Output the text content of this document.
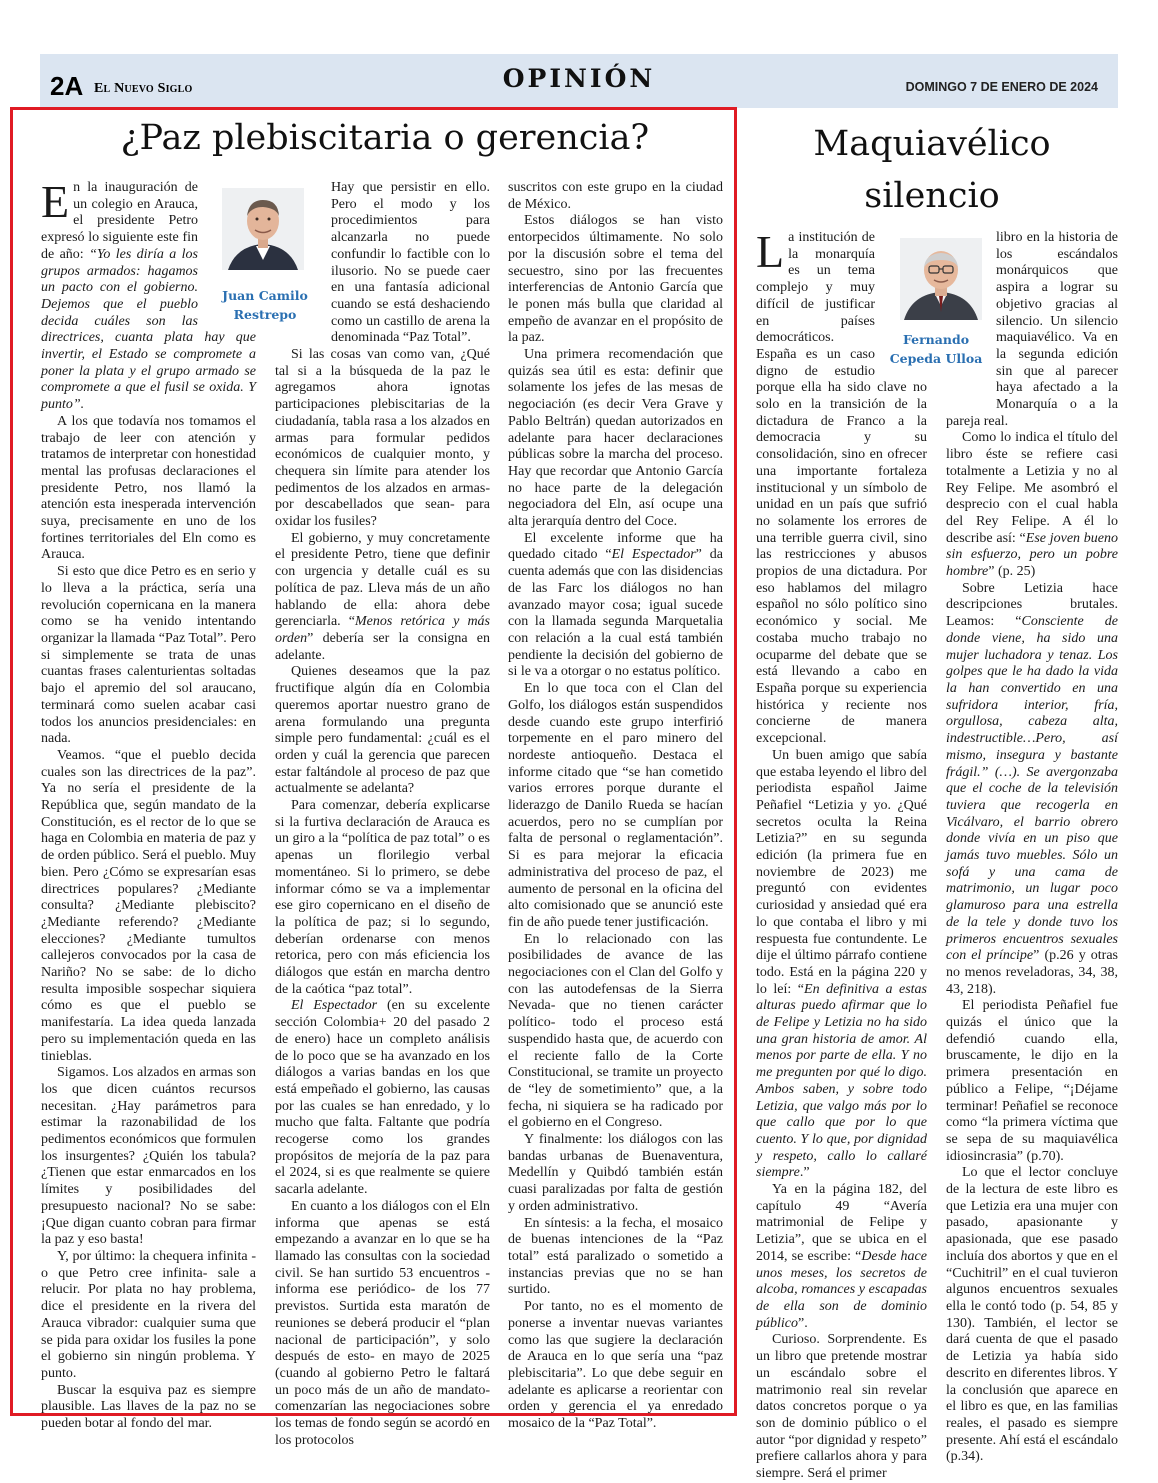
2A El Nuevo Siglo	OPINIÓN	DOMINGO 7 DE ENERO DE 2024
¿Paz plebiscitaria o gerencia?
Juan Camilo
Restrepo

En la inauguración de un colegio en Arauca, el presidente Petro expresó lo siguiente este fin de año: “Yo les diría a los grupos armados: hagamos un pacto con el gobierno. Dejemos que el pueblo decida cuáles son las directrices, cuanta plata hay que invertir, el Estado se compromete a poner la plata y el grupo armado se compromete a que el fusil se oxida. Y punto”.

A los que todavía nos tomamos el trabajo de leer con atención y tratamos de interpretar con honestidad mental las profusas declaraciones el presidente Petro, nos llamó la atención esta inesperada intervención suya, precisamente en uno de los fortines territoriales del Eln como es Arauca.

Si esto que dice Petro es en serio y lo lleva a la práctica, sería una revolución copernicana en la manera como se ha venido intentando organizar la llamada “Paz Total”. Pero si simplemente se trata de unas cuantas frases calenturientas soltadas bajo el apremio del sol araucano, terminará como suelen acabar casi todos los anuncios presidenciales: en nada.

Veamos. “que el pueblo decida cuales son las directrices de la paz”. Ya no sería el presidente de la República que, según mandato de la Constitución, es el rector de lo que se haga en Colombia en materia de paz y de orden público. Será el pueblo. Muy bien. Pero ¿Cómo se expresarían esas directrices populares? ¿Mediante consulta? ¿Mediante plebiscito? ¿Mediante referendo? ¿Mediante elecciones? ¿Mediante tumultos callejeros convocados por la casa de Nariño? No se sabe: de lo dicho resulta imposible sospechar siquiera cómo es que el pueblo se manifestaría. La idea queda lanzada pero su implementación queda en las tinieblas.

Sigamos. Los alzados en armas son los que dicen cuántos recursos necesitan. ¿Hay parámetros para estimar la razonabilidad de los pedimentos económicos que formulen los insurgentes? ¿Quién los tabula? ¿Tienen que estar enmarcados en los límites y posibilidades del presupuesto nacional? No se sabe: ¡Que digan cuanto cobran para firmar la paz y eso basta!

Y, por último: la chequera infinita -o que Petro cree infinita- sale a relucir. Por plata no hay problema, dice el presidente en la rivera del Arauca vibrador: cualquier suma que se pida para oxidar los fusiles la pone el gobierno sin ningún problema. Y punto.

Buscar la esquiva paz es siempre plausible. Las llaves de la paz no se pueden botar al fondo del mar.

Hay que persistir en ello. Pero el modo y los procedimientos para alcanzarla no puede confundir lo factible con lo ilusorio. No se puede caer en una fantasía adicional cuando se está deshaciendo como un castillo de arena la denominada “Paz Total”.

Si las cosas van como van, ¿Qué tal si a la búsqueda de la paz le agregamos ahora ignotas participaciones plebiscitarias de la ciudadanía, tabla rasa a los alzados en armas para formular pedidos económicos de cualquier monto, y chequera sin límite para atender los pedimentos de los alzados en armas- por descabellados que sean- para oxidar los fusiles?

El gobierno, y muy concretamente el presidente Petro, tiene que definir con urgencia y detalle cuál es su política de paz. Lleva más de un año hablando de ella: ahora debe gerenciarla. “Menos retórica y más orden” debería ser la consigna en adelante.

Quienes deseamos que la paz fructifique algún día en Colombia queremos aportar nuestro grano de arena formulando una pregunta simple pero fundamental: ¿cuál es el orden y cuál la gerencia que parecen estar faltándole al proceso de paz que actualmente se adelanta?

Para comenzar, debería explicarse si la furtiva declaración de Arauca es un giro a la “política de paz total” o es apenas un florilegio verbal momentáneo. Si lo primero, se debe informar cómo se va a implementar ese giro copernicano en el diseño de la política de paz; si lo segundo, deberían ordenarse con menos retorica, pero con más eficiencia los diálogos que están en marcha dentro de la caótica “paz total”.

El Espectador (en su excelente sección Colombia+ 20 del pasado 2 de enero) hace un completo análisis de lo poco que se ha avanzado en los diálogos a varias bandas en los que está empeñado el gobierno, las causas por las cuales se han enredado, y lo mucho que falta. Faltante que podría recogerse como los grandes propósitos de mejoría de la paz para el 2024, si es que realmente se quiere sacarla adelante.

En cuanto a los diálogos con el Eln informa que apenas se está empezando a avanzar en lo que se ha llamado las consultas con la sociedad civil. Se han surtido 53 encuentros -informa ese periódico- de los 77 previstos. Surtida esta maratón de reuniones se deberá producir el “plan nacional de participación”, y solo después de esto- en mayo de 2025 (cuando al gobierno Petro le faltará un poco más de un año de mandato- comenzarían las negociaciones sobre los temas de fondo según se acordó en los protocolos

suscritos con este grupo en la ciudad de México.

Estos diálogos se han visto entorpecidos últimamente. No solo por la discusión sobre el tema del secuestro, sino por las frecuentes interferencias de Antonio García que le ponen más bulla que claridad al empeño de avanzar en el propósito de la paz.

Una primera recomendación que quizás sea útil es esta: definir que solamente los jefes de las mesas de negociación (es decir Vera Grave y Pablo Beltrán) quedan autorizados en adelante para hacer declaraciones públicas sobre la marcha del proceso. Hay que recordar que Antonio García no hace parte de la delegación negociadora del Eln, así ocupe una alta jerarquía dentro del Coce.

El excelente informe que ha quedado citado “El Espectador” da cuenta además que con las disidencias de las Farc los diálogos no han avanzado mayor cosa; igual sucede con la llamada segunda Marquetalia con relación a la cual está también pendiente la decisión del gobierno de si le va a otorgar o no estatus político.

En lo que toca con el Clan del Golfo, los diálogos están suspendidos desde cuando este grupo interfirió torpemente en el paro minero del nordeste antioqueño. Destaca el informe citado que “se han cometido varios errores porque durante el liderazgo de Danilo Rueda se hacían acuerdos, pero no se cumplían por falta de personal o reglamentación”. Si es para mejorar la eficacia administrativa del proceso de paz, el aumento de personal en la oficina del alto comisionado que se anunció este fin de año puede tener justificación.

En lo relacionado con las posibilidades de avance de las negociaciones con el Clan del Golfo y con las autodefensas de la Sierra Nevada- que no tienen carácter político- todo el proceso está suspendido hasta que, de acuerdo con el reciente fallo de la Corte Constitucional, se tramite un proyecto de “ley de sometimiento” que, a la fecha, ni siquiera se ha radicado por el gobierno en el Congreso.

Y finalmente: los diálogos con las bandas urbanas de Buenaventura, Medellín y Quibdó también están cuasi paralizadas por falta de gestión y orden administrativo.

En síntesis: a la fecha, el mosaico de buenas intenciones de la “Paz total” está paralizado o sometido a instancias previas que no se han surtido.

Por tanto, no es el momento de ponerse a inventar nuevas variantes como las que sugiere la declaración de Arauca en lo que sería una “paz plebiscitaria”. Lo que debe seguir en adelante es aplicarse a reorientar con orden y gerencia el ya enredado mosaico de la “Paz Total”.

Maquiavélico silencio
Fernando
Cepeda Ulloa

La institución de la monarquía es un tema complejo y muy difícil de justificar en países democráticos. España es un caso digno de estudio porque ella ha sido clave no solo en la transición de la dictadura de Franco a la democracia y su consolidación, sino en ofrecer una importante fortaleza institucional y un símbolo de unidad en un país que sufrió no solamente los errores de una terrible guerra civil, sino las restricciones y abusos propios de una dictadura. Por eso hablamos del milagro español no sólo político sino económico y social. Me costaba mucho trabajo no ocuparme del debate que se está llevando a cabo en España porque su experiencia histórica y reciente nos concierne de manera excepcional.

Un buen amigo que sabía que estaba leyendo el libro del periodista español Jaime Peñafiel “Letizia y yo. ¿Qué secretos oculta la Reina Letizia?” en su segunda edición (la primera fue en noviembre de 2023) me preguntó con evidentes curiosidad y ansiedad qué era lo que contaba el libro y mi respuesta fue contundente. Le dije el último párrafo contiene todo. Está en la página 220 y lo leí: “En definitiva a estas alturas puedo afirmar que lo de Felipe y Letizia no ha sido una gran historia de amor. Al menos por parte de ella. Y no me pregunten por qué lo digo. Ambos saben, y sobre todo Letizia, que valgo más por lo que callo que por lo que cuento. Y lo que, por dignidad y respeto, callo lo callaré siempre.”

Ya en la página 182, del capítulo 49 “Avería matrimonial de Felipe y Letizia”, que se ubica en el 2014, se escribe: “Desde hace unos meses, los secretos de alcoba, romances y escapadas de ella son de dominio público”.

Curioso. Sorprendente. Es un libro que pretende mostrar un escándalo sobre el matrimonio real sin revelar datos concretos porque o ya son de dominio público o el autor “por dignidad y respeto” prefiere callarlos ahora y para siempre. Será el primer

libro en la historia de los escándalos monárquicos que aspira a lograr su objetivo gracias al silencio. Un silencio maquiavélico. Va en la segunda edición sin que al parecer haya afectado a la Monarquía o a la pareja real.

Como lo indica el título del libro éste se refiere casi totalmente a Letizia y no al Rey Felipe. Me asombró el desprecio con el cual habla del Rey Felipe. A él lo describe así: “Ese joven bueno sin esfuerzo, pero un pobre hombre” (p. 25)

Sobre Letizia hace descripciones brutales. Leamos: “Consciente de donde viene, ha sido una mujer luchadora y tenaz. Los golpes que le ha dado la vida la han convertido en una sufridora interior, fría, orgullosa, cabeza alta, indestructible…Pero, así mismo, insegura y bastante frágil.” (…). Se avergonzaba que el coche de la televisión tuviera que recogerla en Vicálvaro, el barrio obrero donde vivía en un piso que jamás tuvo muebles. Sólo un sofá y una cama de matrimonio, un lugar poco glamuroso para una estrella de la tele y donde tuvo los primeros encuentros sexuales con el príncipe” (p.26 y otras no menos reveladoras, 34, 38, 43, 218).

El periodista Peñafiel fue quizás el único que la defendió cuando ella, bruscamente, le dijo en la primera presentación en público a Felipe, “¡Déjame terminar! Peñafiel se reconoce como “la primera víctima que se sepa de su maquiavélica idiosincrasia” (p.70).

Lo que el lector concluye de la lectura de este libro es que Letizia era una mujer con pasado, apasionante y apasionada, que ese pasado incluía dos abortos y que en el “Cuchitril” en el cual tuvieron algunos encuentros sexuales ella le contó todo (p. 54, 85 y 130). También, el lector se dará cuenta de que el pasado de Letizia ya había sido descrito en diferentes libros. Y la conclusión que aparece en el libro es que, en las familias reales, el pasado es siempre presente. Ahí está el escándalo (p.34).
